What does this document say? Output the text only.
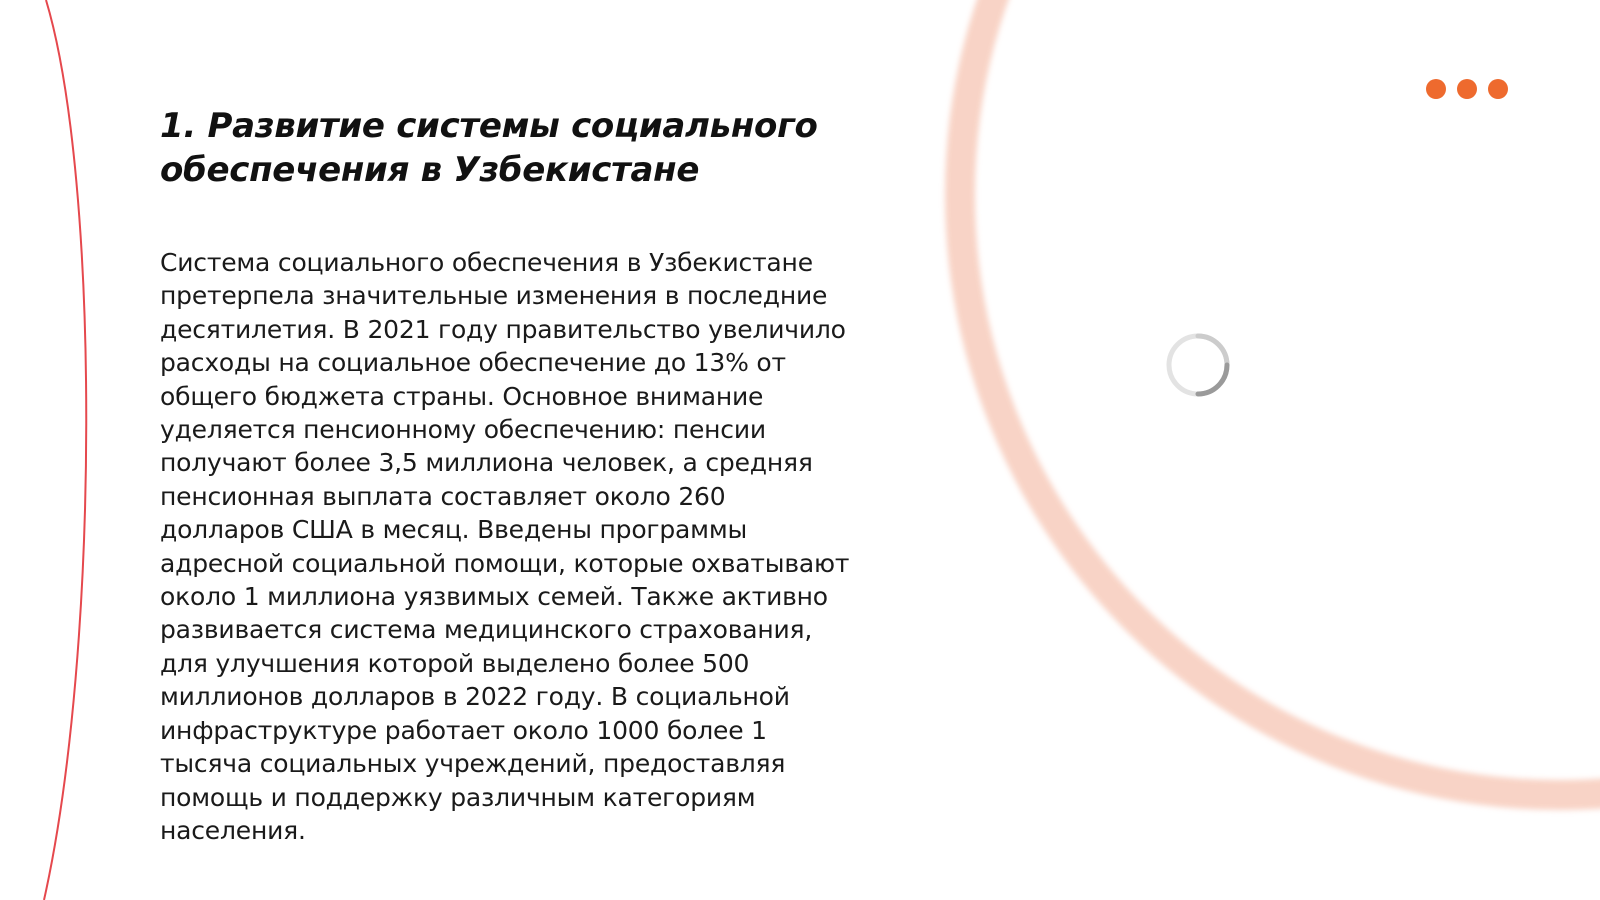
1. Развитие системы социального обеспечения в Узбекистане

Система социального обеспечения в Узбекистане претерпела значительные изменения в последние десятилетия. В 2021 году правительство увеличило расходы на социальное обеспечение до 13% от общего бюджета страны. Основное внимание уделяется пенсионному обеспечению: пенсии получают более 3,5 миллиона человек, а средняя пенсионная выплата составляет около 260 долларов США в месяц. Введены программы адресной социальной помощи, которые охватывают около 1 миллиона уязвимых семей. Также активно развивается система медицинского страхования, для улучшения которой выделено более 500 миллионов долларов в 2022 году. В социальной инфраструктуре работает около 1000 более 1 тысяча социальных учреждений, предоставляя помощь и поддержку различным категориям населения.
